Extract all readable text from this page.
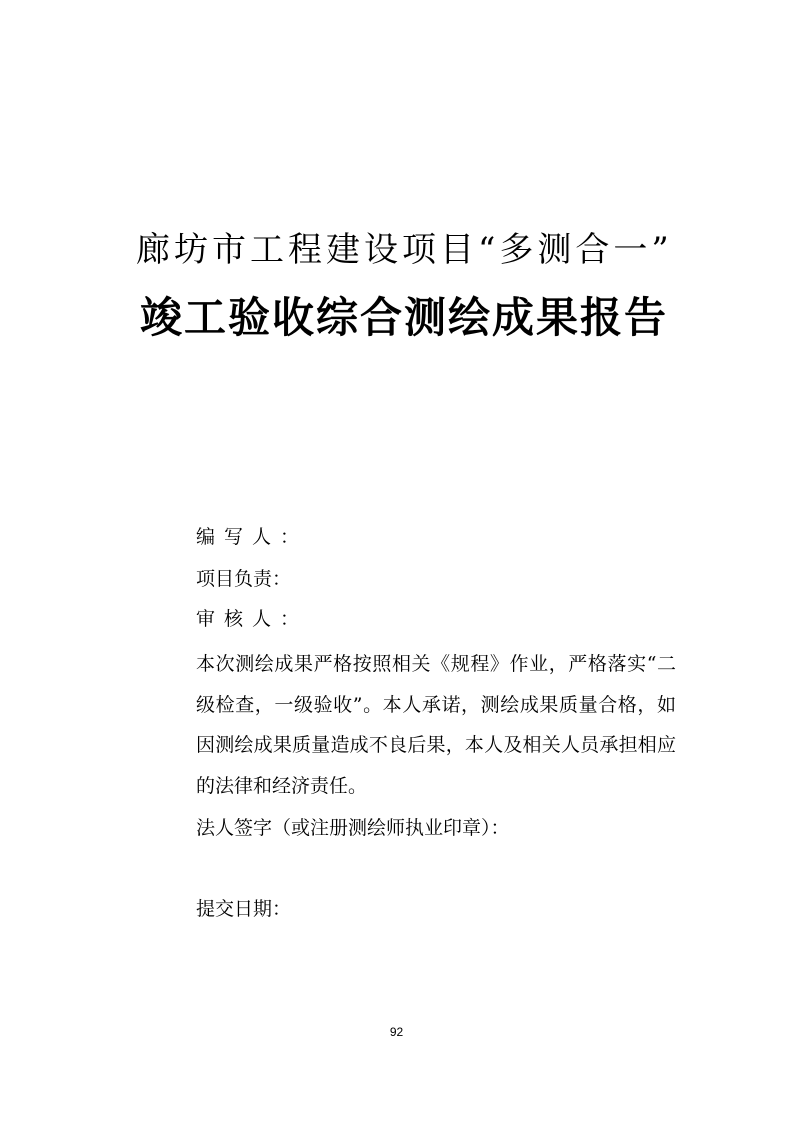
廊坊市工程建设项目“多测合一”
竣工验收综合测绘成果报告
编写人：
项目负责：
审核人：
本次测绘成果严格按照相关《规程》作业，严格落实“二级检查，一级验收”。本人承诺，测绘成果质量合格，如因测绘成果质量造成不良后果，本人及相关人员承担相应的法律和经济责任。
法人签字（或注册测绘师执业印章）：
提交日期：
92
